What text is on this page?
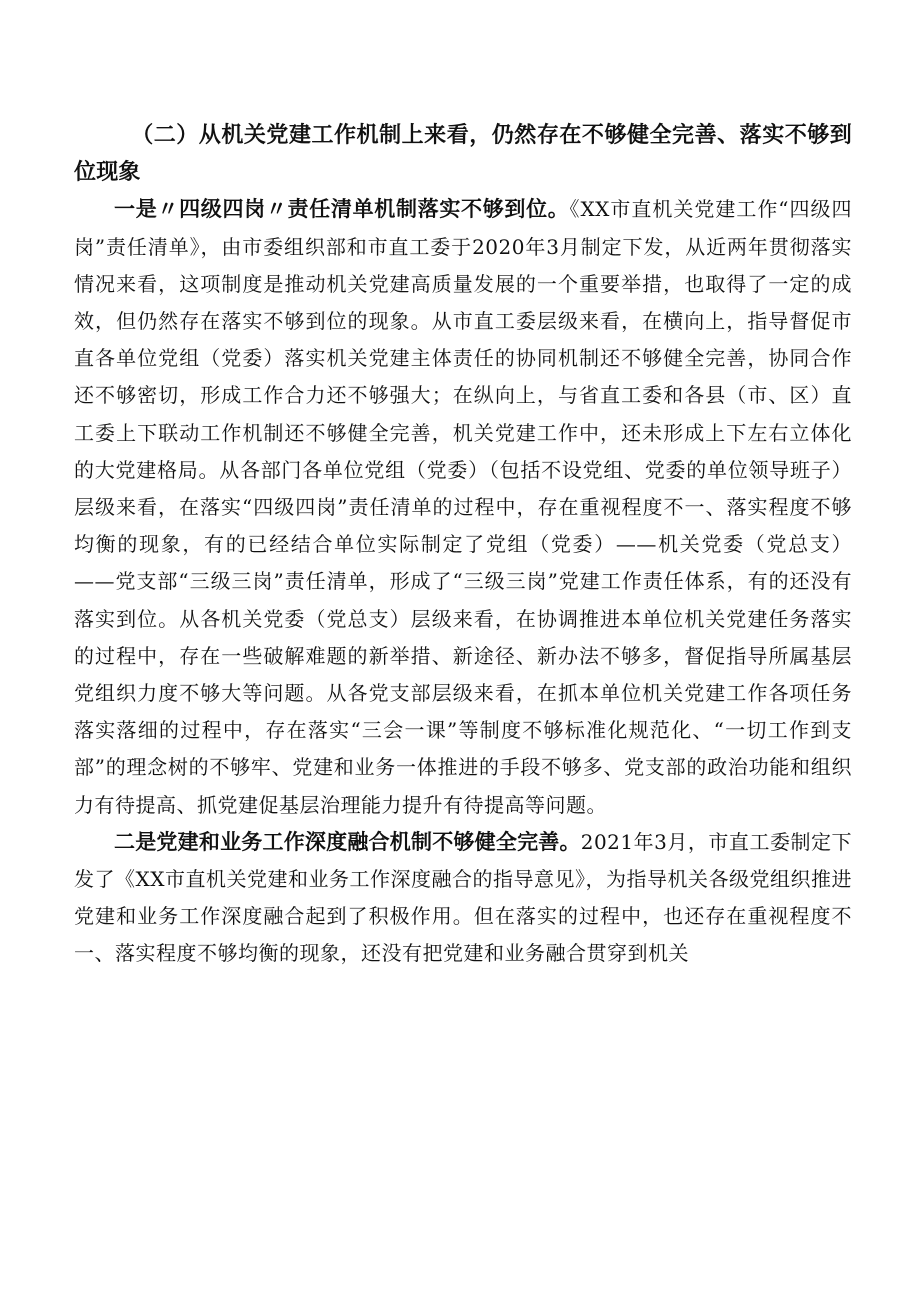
（二）从机关党建工作机制上来看，仍然存在不够健全完善、落实不够到位现象

一是〃四级四岗〃责任清单机制落实不够到位。《XX市直机关党建工作“四级四岗”责任清单》，由市委组织部和市直工委于2020年3月制定下发，从近两年贯彻落实情况来看，这项制度是推动机关党建高质量发展的一个重要举措，也取得了一定的成效，但仍然存在落实不够到位的现象。从市直工委层级来看，在横向上，指导督促市直各单位党组（党委）落实机关党建主体责任的协同机制还不够健全完善，协同合作还不够密切，形成工作合力还不够强大；在纵向上，与省直工委和各县（市、区）直工委上下联动工作机制还不够健全完善，机关党建工作中，还未形成上下左右立体化的大党建格局。从各部门各单位党组（党委）（包括不设党组、党委的单位领导班子）层级来看，在落实“四级四岗”责任清单的过程中，存在重视程度不一、落实程度不够均衡的现象，有的已经结合单位实际制定了党组（党委）——机关党委（党总支）——党支部“三级三岗”责任清单，形成了“三级三岗”党建工作责任体系，有的还没有落实到位。从各机关党委（党总支）层级来看，在协调推进本单位机关党建任务落实的过程中，存在一些破解难题的新举措、新途径、新办法不够多，督促指导所属基层党组织力度不够大等问题。从各党支部层级来看，在抓本单位机关党建工作各项任务落实落细的过程中，存在落实“三会一课”等制度不够标准化规范化、“一切工作到支部”的理念树的不够牢、党建和业务一体推进的手段不够多、党支部的政治功能和组织力有待提高、抓党建促基层治理能力提升有待提高等问题。

二是党建和业务工作深度融合机制不够健全完善。2021年3月，市直工委制定下发了《XX市直机关党建和业务工作深度融合的指导意见》，为指导机关各级党组织推进党建和业务工作深度融合起到了积极作用。但在落实的过程中，也还存在重视程度不一、落实程度不够均衡的现象，还没有把党建和业务融合贯穿到机关
